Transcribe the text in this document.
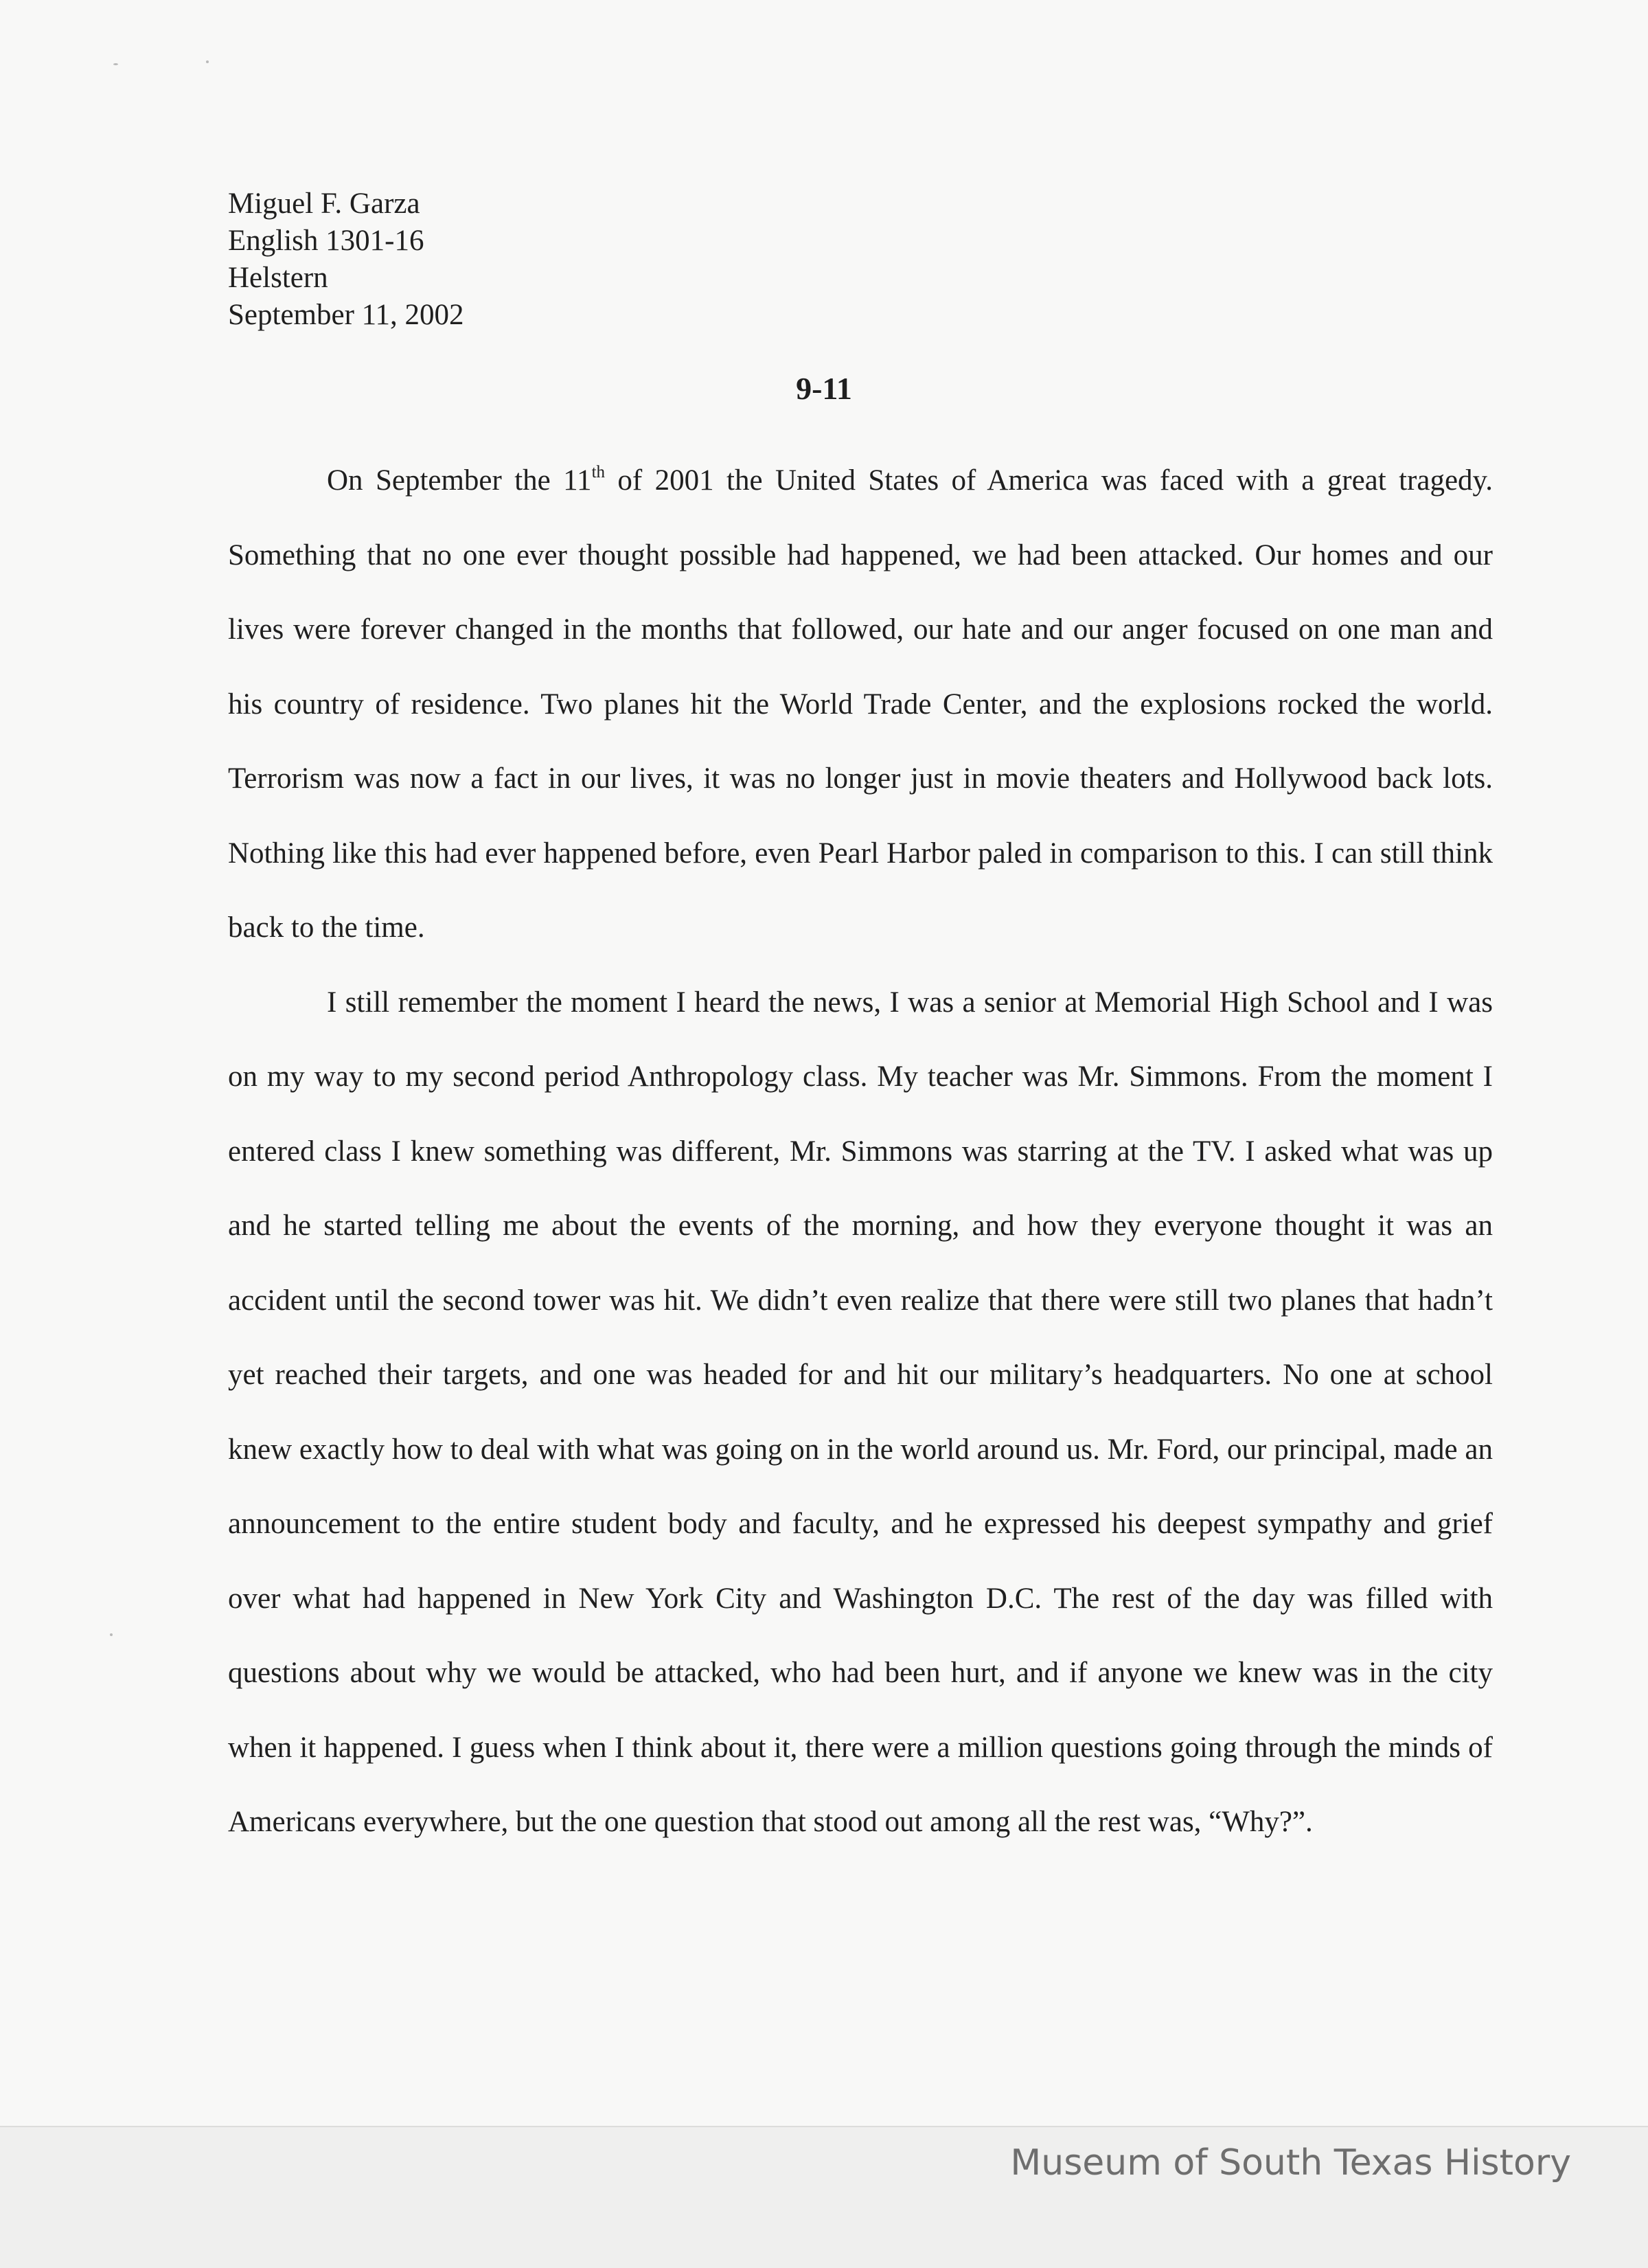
Miguel F. Garza
English 1301-16
Helstern
September 11, 2002
9-11

On September the 11th of 2001 the United States of America was faced with a great tragedy. Something that no one ever thought possible had happened, we had been attacked. Our homes and our lives were forever changed in the months that followed, our hate and our anger focused on one man and his country of residence. Two planes hit the World Trade Center, and the explosions rocked the world. Terrorism was now a fact in our lives, it was no longer just in movie theaters and Hollywood back lots. Nothing like this had ever happened before, even Pearl Harbor paled in comparison to this. I can still think back to the time.

I still remember the moment I heard the news, I was a senior at Memorial High School and I was on my way to my second period Anthropology class. My teacher was Mr. Simmons. From the moment I entered class I knew something was different, Mr. Simmons was starring at the TV. I asked what was up and he started telling me about the events of the morning, and how they everyone thought it was an accident until the second tower was hit. We didn’t even realize that there were still two planes that hadn’t yet reached their targets, and one was headed for and hit our military’s headquarters. No one at school knew exactly how to deal with what was going on in the world around us. Mr. Ford, our principal, made an announcement to the entire student body and faculty, and he expressed his deepest sympathy and grief over what had happened in New York City and Washington D.C. The rest of the day was filled with questions about why we would be attacked, who had been hurt, and if anyone we knew was in the city when it happened. I guess when I think about it, there were a million questions going through the minds of Americans everywhere, but the one question that stood out among all the rest was, “Why?”.

Museum of South Texas History
